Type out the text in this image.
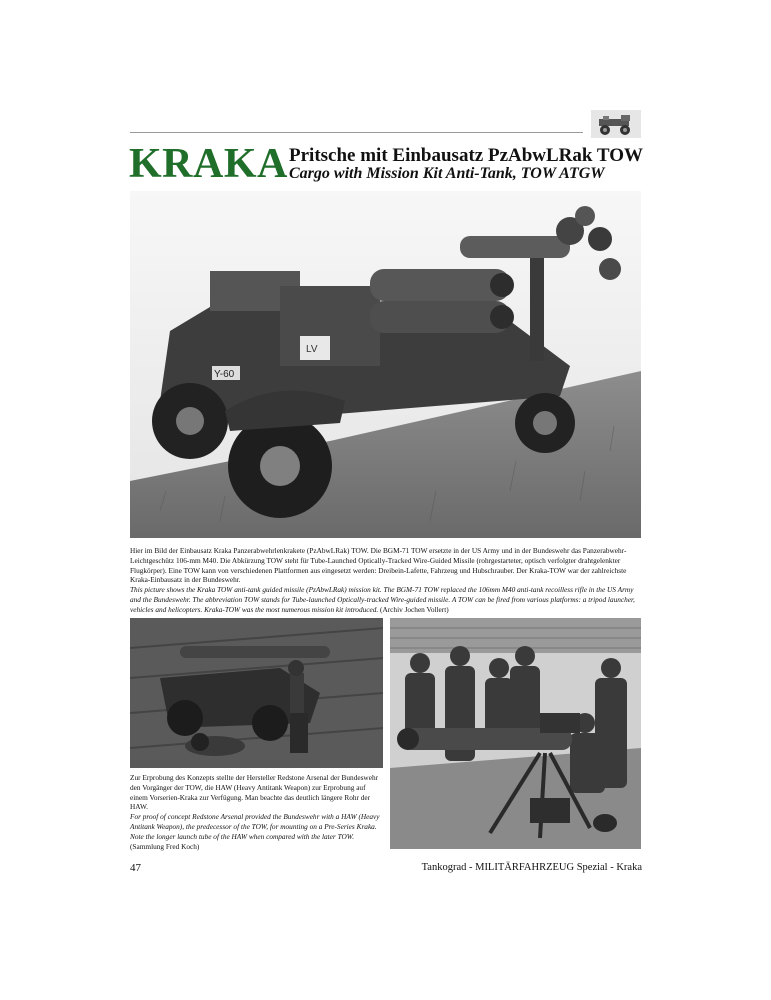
KRAKA Pritsche mit Einbausatz PzAbwLRak TOW
Cargo with Mission Kit Anti-Tank, TOW ATGW
LV
Y-60

Hier im Bild der Einbausatz Kraka Panzerabwehrlenkrakete (PzAbwLRak) TOW. Die BGM-71 TOW ersetzte in der US Army und in der Bundeswehr das Panzerabwehr-Leichtgeschütz 106-mm M40. Die Abkürzung TOW steht für Tube-Launched Optically-Tracked Wire-Guided Missile (rohrgestarteter, optisch verfolgter drahtgelenkter Flugkörper). Eine TOW kann von verschiedenen Plattformen aus eingesetzt werden: Dreibein-Lafette, Fahrzeug und Hubschrauber. Der Kraka-TOW war der zahlreichste Kraka-Einbausatz in der Bundeswehr.

This picture shows the Kraka TOW anti-tank guided missile (PzAbwLRak) mission kit. The BGM-71 TOW replaced the 106mm M40 anti-tank recoilless rifle in the US Army and the Bundeswehr. The abbreviation TOW stands for Tube-launched Optically-tracked Wire-guided missile. A TOW can be fired from various platforms: a tripod launcher, vehicles and helicopters. Kraka-TOW was the most numerous mission kit introduced. (Archiv Jochen Vollert)

Zur Erprobung des Konzepts stellte der Hersteller Redstone Arsenal der Bundeswehr den Vorgänger der TOW, die HAW (Heavy Antitank Weapon) zur Erprobung auf einem Vorserien-Kraka zur Verfügung. Man beachte das deutlich längere Rohr der HAW.

For proof of concept Redstone Arsenal provided the Bundeswehr with a HAW (Heavy Antitank Weapon), the predecessor of the TOW, for mounting on a Pre-Series Kraka. Note the longer launch tube of the HAW when compared with the later TOW. (Sammlung Fred Koch)

47	Tankograd - MILITÄRFAHRZEUG Spezial - Kraka
